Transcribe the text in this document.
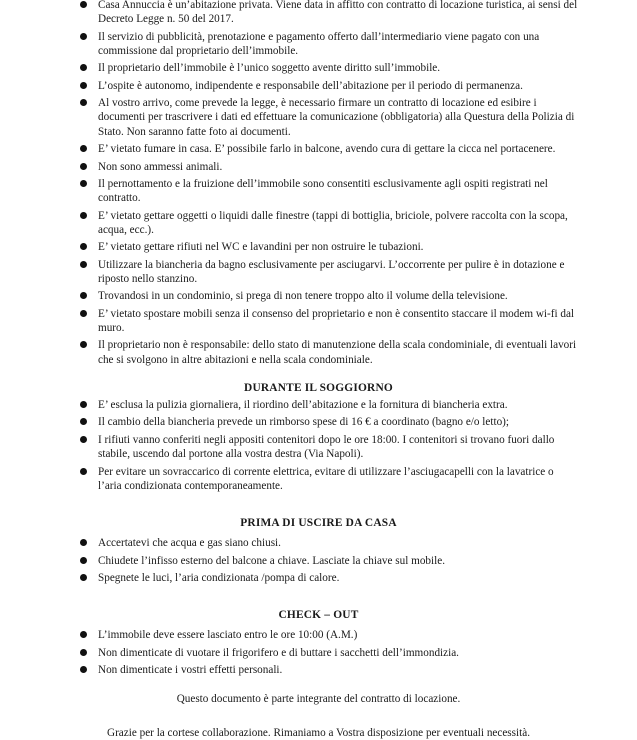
Casa Annuccia è un’abitazione privata. Viene data in affitto con contratto di locazione turistica, ai sensi del Decreto Legge n. 50 del 2017.
Il servizio di pubblicità, prenotazione e pagamento offerto dall’intermediario viene pagato con una commissione dal proprietario dell’immobile.
Il proprietario dell’immobile è l’unico soggetto avente diritto sull’immobile.
L’ospite è autonomo, indipendente e responsabile dell’abitazione per il periodo di permanenza.
Al vostro arrivo, come prevede la legge, è necessario firmare un contratto di locazione ed esibire i documenti per trascrivere i dati ed effettuare la comunicazione (obbligatoria) alla Questura della Polizia di Stato. Non saranno fatte foto ai documenti.
E’ vietato fumare in casa. E’ possibile farlo in balcone, avendo cura di gettare la cicca nel portacenere.
Non sono ammessi animali.
Il pernottamento e la fruizione dell’immobile sono consentiti esclusivamente agli ospiti registrati nel contratto.
E’ vietato gettare oggetti o liquidi dalle finestre (tappi di bottiglia, briciole, polvere raccolta con la scopa, acqua, ecc.).
E’ vietato gettare rifiuti nel WC e lavandini per non ostruire le tubazioni.
Utilizzare la biancheria da bagno esclusivamente per asciugarvi. L’occorrente per pulire è in dotazione e riposto nello stanzino.
Trovandosi in un condominio, si prega di non tenere troppo alto il volume della televisione.
E’ vietato spostare mobili senza il consenso del proprietario e non è consentito staccare il modem wi-fi dal muro.
Il proprietario non è responsabile: dello stato di manutenzione della scala condominiale, di eventuali lavori che si svolgono in altre abitazioni e nella scala condominiale.

DURANTE IL SOGGIORNO

E’ esclusa la pulizia giornaliera, il riordino dell’abitazione e la fornitura di biancheria extra.
Il cambio della biancheria prevede un rimborso spese di 16 € a coordinato (bagno e/o letto);
I rifiuti vanno conferiti negli appositi contenitori dopo le ore 18:00. I contenitori si trovano fuori dallo stabile, uscendo dal portone alla vostra destra (Via Napoli).
Per evitare un sovraccarico di corrente elettrica, evitare di utilizzare l’asciugacapelli con la lavatrice o l’aria condizionata contemporaneamente.

PRIMA DI USCIRE DA CASA

Accertatevi che acqua e gas siano chiusi.
Chiudete l’infisso esterno del balcone a chiave. Lasciate la chiave sul mobile.
Spegnete le luci, l’aria condizionata /pompa di calore.

CHECK – OUT

L’immobile deve essere lasciato entro le ore 10:00 (A.M.)
Non dimenticate di vuotare il frigorifero e di buttare i sacchetti dell’immondizia.
Non dimenticate i vostri effetti personali.

Questo documento è parte integrante del contratto di locazione.

Grazie per la cortese collaborazione. Rimaniamo a Vostra disposizione per eventuali necessità.
